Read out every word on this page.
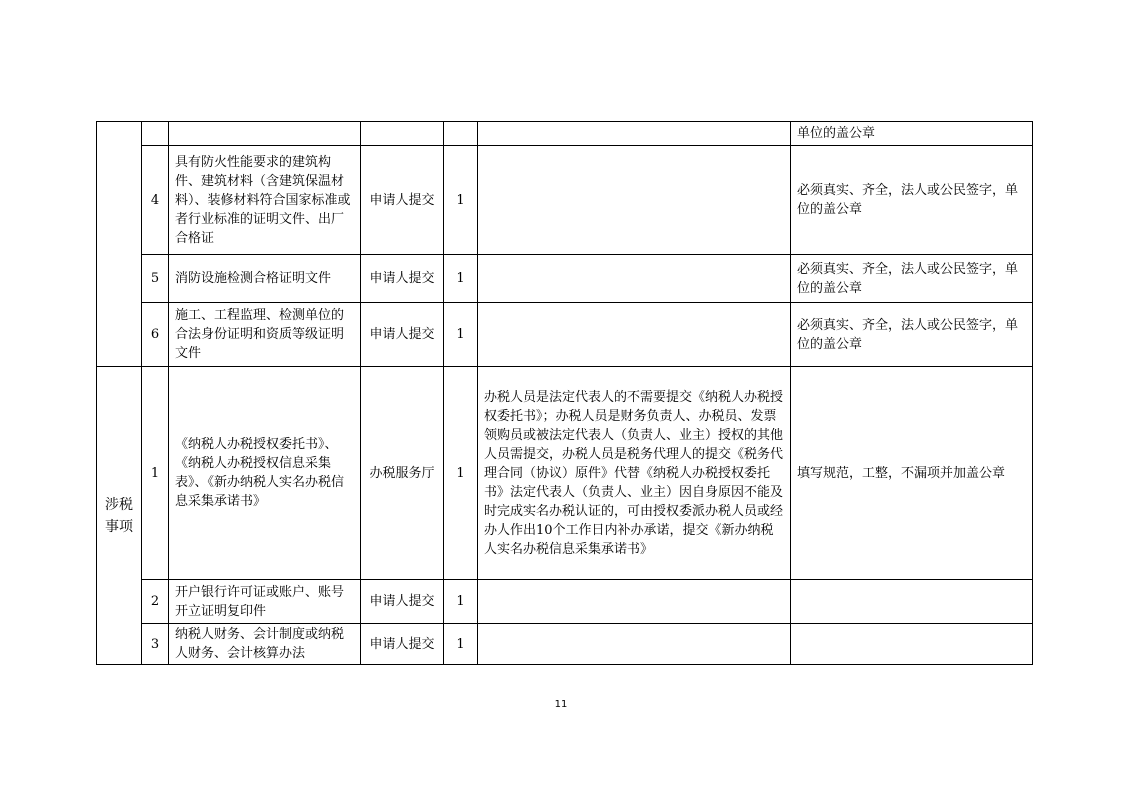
						单位的盖公章
	4	具有防火性能要求的建筑构件、建筑材料（含建筑保温材料）、装修材料符合国家标准或者行业标准的证明文件、出厂合格证	申请人提交	1		必须真实、齐全，法人或公民签字，单位的盖公章
	5	消防设施检测合格证明文件	申请人提交	1		必须真实、齐全，法人或公民签字，单位的盖公章
	6	施工、工程监理、检测单位的合法身份证明和资质等级证明文件	申请人提交	1		必须真实、齐全，法人或公民签字，单位的盖公章
涉税事项	1	《纳税人办税授权委托书》、《纳税人办税授权信息采集表》、《新办纳税人实名办税信息采集承诺书》	办税服务厅	1	办税人员是法定代表人的不需要提交《纳税人办税授权委托书》；办税人员是财务负责人、办税员、发票领购员或被法定代表人（负责人、业主）授权的其他人员需提交，办税人员是税务代理人的提交《税务代理合同（协议）原件》代替《纳税人办税授权委托书》法定代表人（负责人、业主）因自身原因不能及时完成实名办税认证的，可由授权委派办税人员或经办人作出10个工作日内补办承诺，提交《新办纳税人实名办税信息采集承诺书》	填写规范，工整，不漏项并加盖公章
	2	开户银行许可证或账户、账号开立证明复印件	申请人提交	1		
	3	纳税人财务、会计制度或纳税人财务、会计核算办法	申请人提交	1		
11
